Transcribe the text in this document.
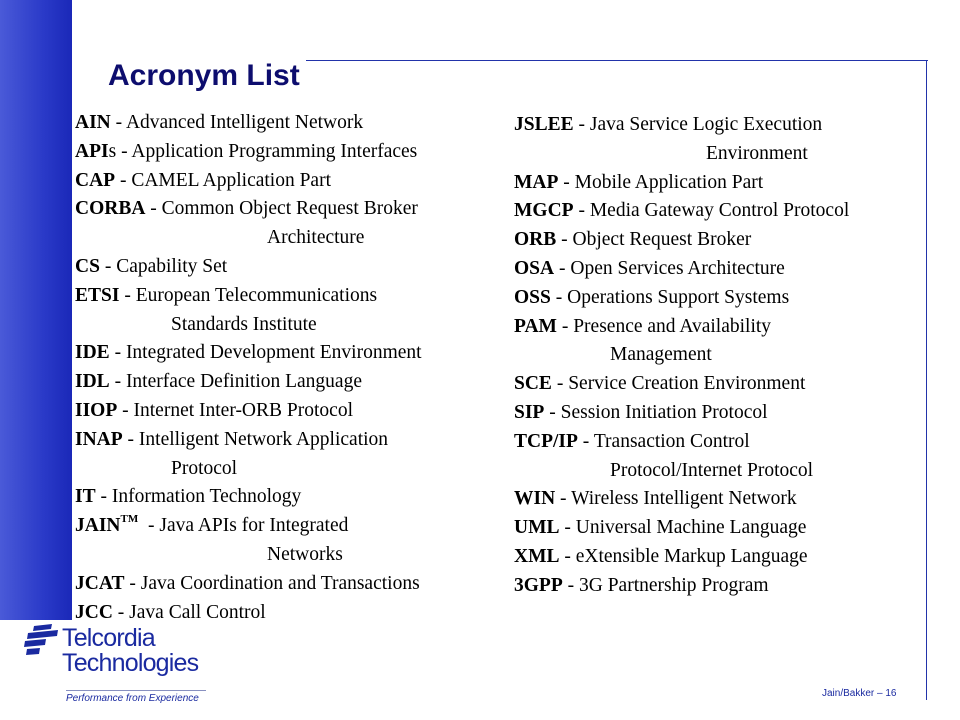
Acronym List
AIN - Advanced Intelligent Network
APIs - Application Programming Interfaces
CAP - CAMEL Application Part
CORBA - Common Object Request Broker
Architecture
CS - Capability Set
ETSI - European Telecommunications
Standards Institute
IDE - Integrated Development Environment
IDL - Interface Definition Language
IIOP - Internet Inter-ORB Protocol
INAP - Intelligent Network Application
Protocol
IT - Information Technology
JAIN™  - Java APIs for Integrated
Networks
JCAT - Java Coordination and Transactions
JCC - Java Call Control
JSLEE - Java Service Logic Execution
Environment
MAP - Mobile Application Part
MGCP - Media Gateway Control Protocol
ORB - Object Request Broker
OSA - Open Services Architecture
OSS - Operations Support Systems
PAM - Presence and Availability
Management
SCE - Service Creation Environment
SIP - Session Initiation Protocol
TCP/IP - Transaction Control
Protocol/Internet Protocol
WIN - Wireless Intelligent Network
UML - Universal Machine Language
XML - eXtensible Markup Language
3GPP - 3G Partnership Program
Telcordia
Technologies
Performance from Experience	Jain/Bakker – 16
